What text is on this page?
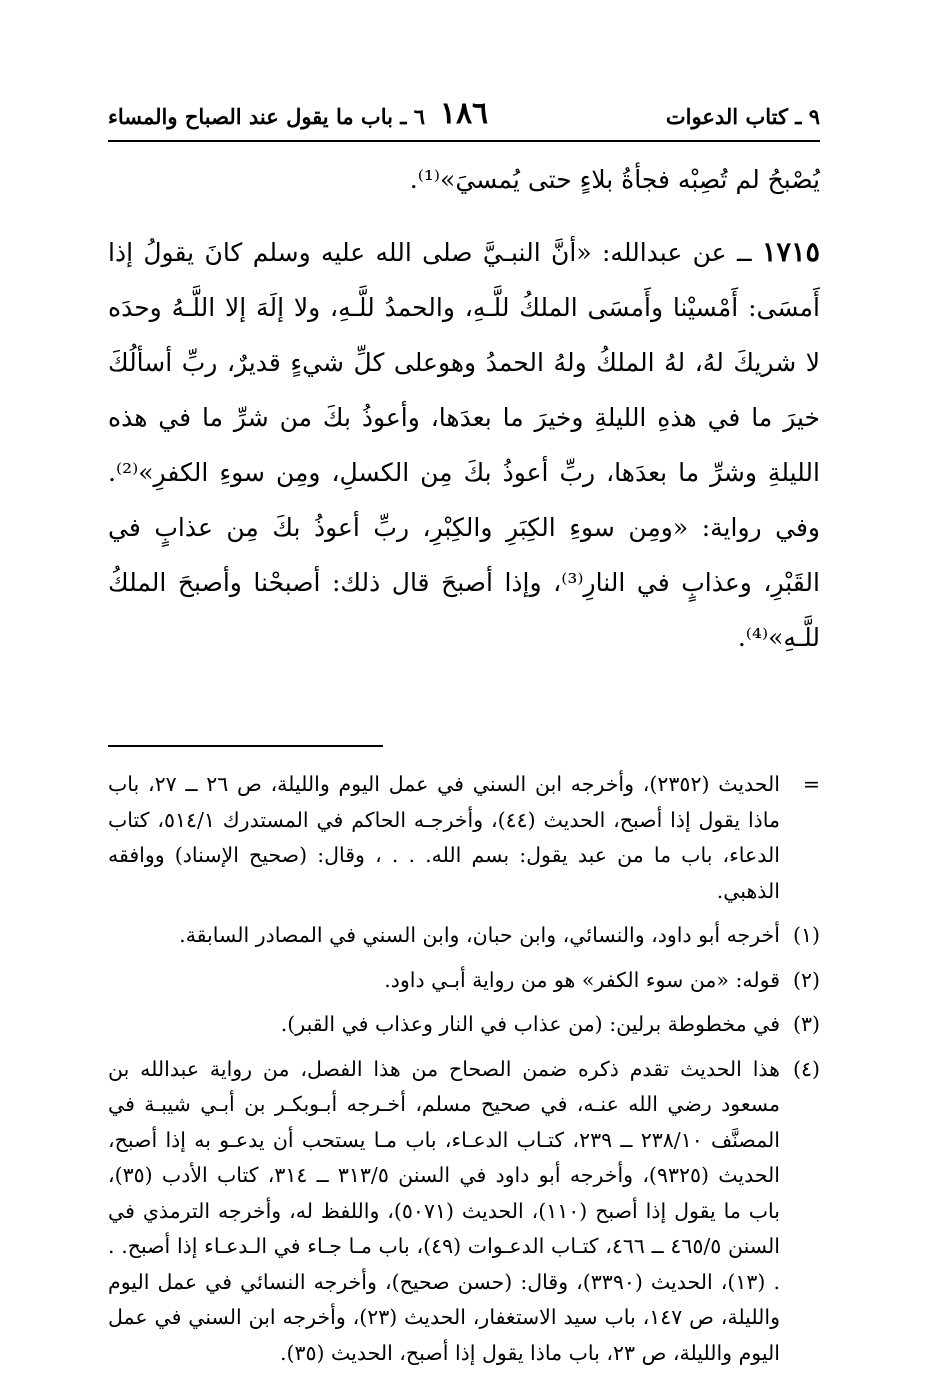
٩ ـ كتاب الدعوات
١٨٦
٦ ـ باب ما يقول عند الصباح والمساء

يُصْبحُ لم تُصِبْه فجأةُ بلاءٍ حتى يُمسيَ»⁽¹⁾.

١٧١٥ ــ عن عبدالله: «أنَّ النبـيَّ صلى الله عليه وسلم كانَ يقولُ إذا أَمسَى: أَمْسيْنا وأَمسَى الملكُ للَّـهِ، والحمدُ للَّـهِ، ولا إلَهَ إلا اللَّـهُ وحدَه لا شريكَ لهُ، لهُ الملكُ ولهُ الحمدُ وهوعلى كلِّ شيءٍ قديرٌ، ربِّ أسألُكَ خيرَ ما في هذهِ الليلةِ وخيرَ ما بعدَها، وأعوذُ بكَ من شرِّ ما في هذه الليلةِ وشرِّ ما بعدَها، ربِّ أعوذُ بكَ مِن الكسلِ، ومِن سوءِ الكفرِ»⁽²⁾. وفي رواية: «ومِن سوءِ الكِبَرِ والكِبْرِ، ربِّ أعوذُ بكَ مِن عذابٍ في القَبْرِ، وعذابٍ في النارِ⁽³⁾، وإذا أصبحَ قال ذلك: أصبحْنا وأصبحَ الملكُ للَّـهِ»⁽⁴⁾.

=
الحديث (٢٣٥٢)، وأخرجه ابن السني في عمل اليوم والليلة، ص ٢٦ ــ ٢٧، باب ماذا يقول إذا أصبح، الحديث (٤٤)، وأخرجـه الحاكم في المستدرك ٥١٤/١، كتاب الدعاء، باب ما من عبد يقول: بسم الله. . . ، وقال: (صحيح الإسناد) ووافقه الذهبي.
(١)
أخرجه أبو داود، والنسائي، وابن حبان، وابن السني في المصادر السابقة.
(٢)
قوله: «من سوء الكفر» هو من رواية أبـي داود.
(٣)
في مخطوطة برلين: (من عذاب في النار وعذاب في القبر).
(٤)
هذا الحديث تقدم ذكره ضمن الصحاح من هذا الفصل، من رواية عبدالله بن مسعود رضي الله عنـه، في صحيح مسلم، أخـرجه أبـوبكـر بن أبـي شيبـة في المصنَّف ٢٣٨/١٠ ــ ٢٣٩، كتـاب الدعـاء، باب مـا يستحب أن يدعـو به إذا أصبح، الحديث (٩٣٢٥)، وأخرجه أبو داود في السنن ٣١٣/٥ ــ ٣١٤، كتاب الأدب (٣٥)، باب ما يقول إذا أصبح (١١٠)، الحديث (٥٠٧١)، واللفظ له، وأخرجه الترمذي في السنن ٤٦٥/٥ ــ ٤٦٦، كتـاب الدعـوات (٤٩)، باب مـا جـاء في الـدعـاء إذا أصبح. . . (١٣)، الحديث (٣٣٩٠)، وقال: (حسن صحيح)، وأخرجه النسائي في عمل اليوم والليلة، ص ١٤٧، باب سيد الاستغفار، الحديث (٢٣)، وأخرجه ابن السني في عمل اليوم والليلة، ص ٢٣، باب ماذا يقول إذا أصبح، الحديث (٣٥).
